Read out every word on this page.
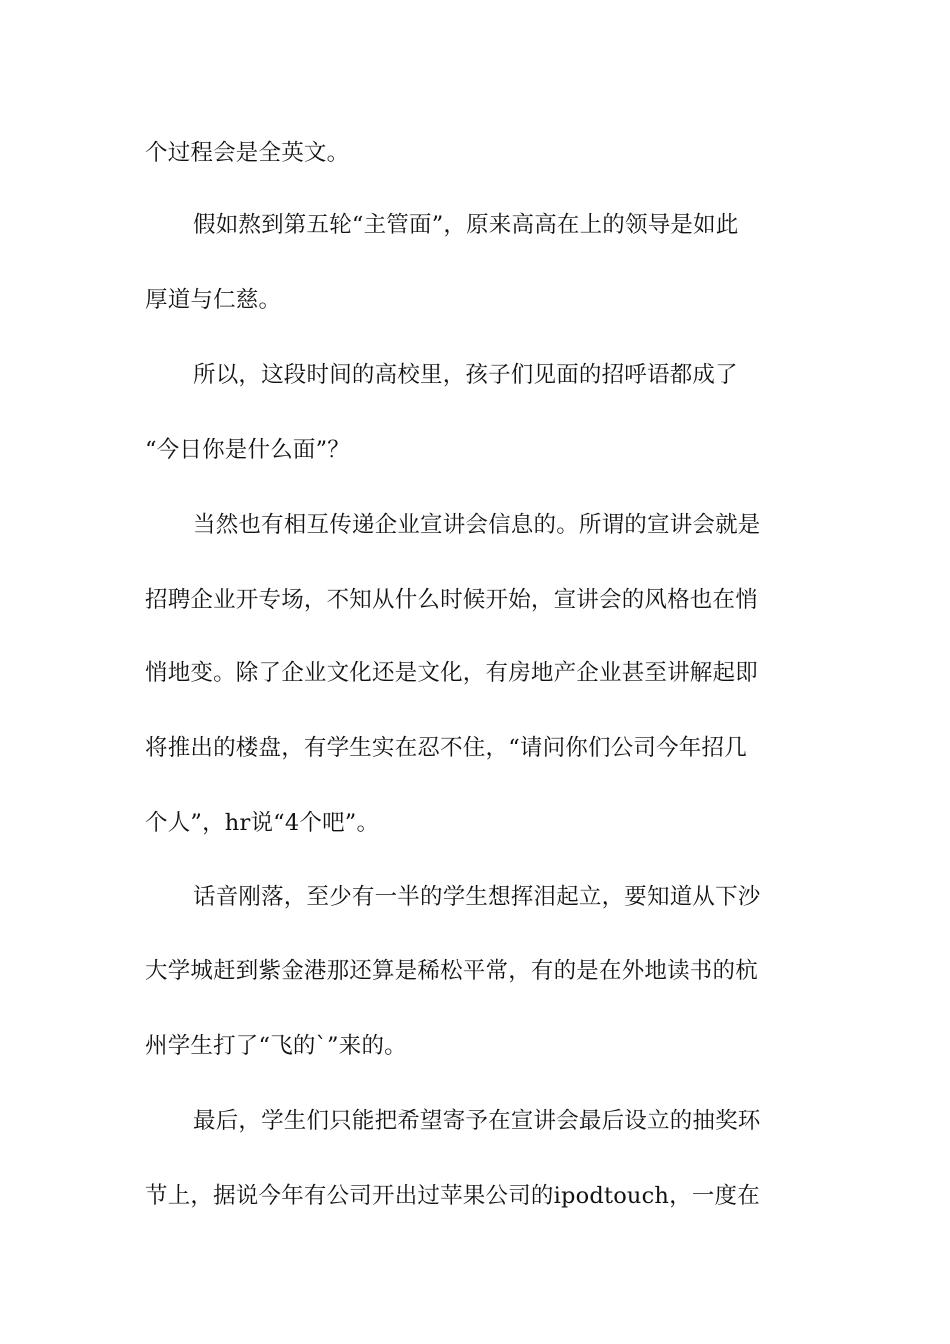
个过程会是全英文。
假如熬到第五轮“主管面”，原来高高在上的领导是如此
厚道与仁慈。
所以，这段时间的高校里，孩子们见面的招呼语都成了
“今日你是什么面”？
当然也有相互传递企业宣讲会信息的。所谓的宣讲会就是
招聘企业开专场，不知从什么时候开始，宣讲会的风格也在悄
悄地变。除了企业文化还是文化，有房地产企业甚至讲解起即
将推出的楼盘，有学生实在忍不住，“请问你们公司今年招几
个人”，hr说“4个吧”。
话音刚落，至少有一半的学生想挥泪起立，要知道从下沙
大学城赶到紫金港那还算是稀松平常，有的是在外地读书的杭
州学生打了“飞的`”来的。
最后，学生们只能把希望寄予在宣讲会最后设立的抽奖环
节上，据说今年有公司开出过苹果公司的ipodtouch，一度在
